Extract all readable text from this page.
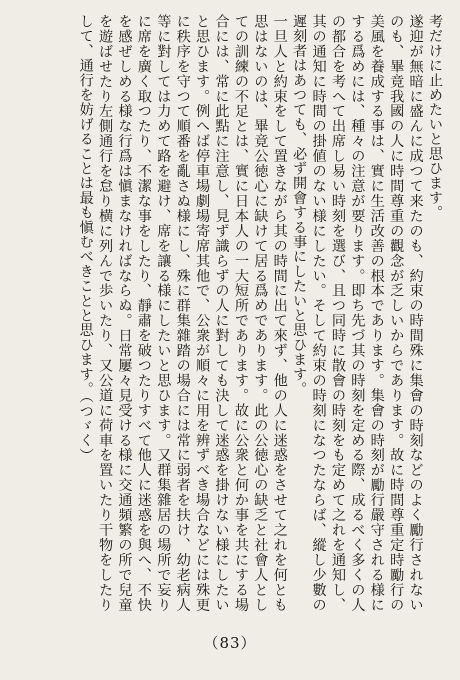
考だけに止めたいと思ひます。

遂迎が無暗に盛んに成つて来たのも、約束の時間殊に集會の時刻などのよく勵行されないのも、畢竟我國の人に時間尊重の觀念が乏しいからであります。故に時間尊重定時勵行の美風を養成する事は、實に生活改善の根本であります。集會の時刻が勵行嚴守される様にする爲めには、種々の注意が要ります。即ち先づ其の時刻を定める際、成るべく多くの人の都合を考へて出席し易い時刻を選び、且つ同時に散會の時刻をも定めて之れを通知し、其の通知に時間の掛値のない様にしたい。そして約束の時刻になつたならば、縱し少數の遲刻者はあつても、必ず開會する事にしたいと思ひます。

一旦人と約束をして置きながら其の時間に出て來ず、他の人に迷惑をさせて之れを何とも思はないのは、畢竟公徳心に缺けて居る爲めであります。此の公徳心の缺乏と社會人としての訓練の不足とは、實に日本人の一大短所であります。故に公衆と何か事を共にする場合には、常に此點に注意し、見ず識らずの人に對しても決して迷惑を掛けない様にしたいと思ひます。例へば停車場劇場寄席其他で、公衆が順々に用を辨ずべき場合などには殊更に秩序を守つて順番を亂さぬ様にし、殊に群集雜踏の場合には常に弱者を扶け、幼老病人等に對しては力めて路を避け、席を讓る様にしたいと思ひます。又群集雜居の場所で妄りに席を廣く取つたり、不潔な事をしたり、靜肅を破つたりすべて他人に迷惑を與へ、不快を感ぜしめる様な行爲は愼まなければならぬ。日常屢々見受ける様に交通頻繁の所で兒童を遊ばせたり左側通行を怠り横に列んで歩いたり、又公道に荷車を置いたり干物をしたりして、通行を妨げることは最も愼むべきことと思ひます。（つゞく）

（83）
